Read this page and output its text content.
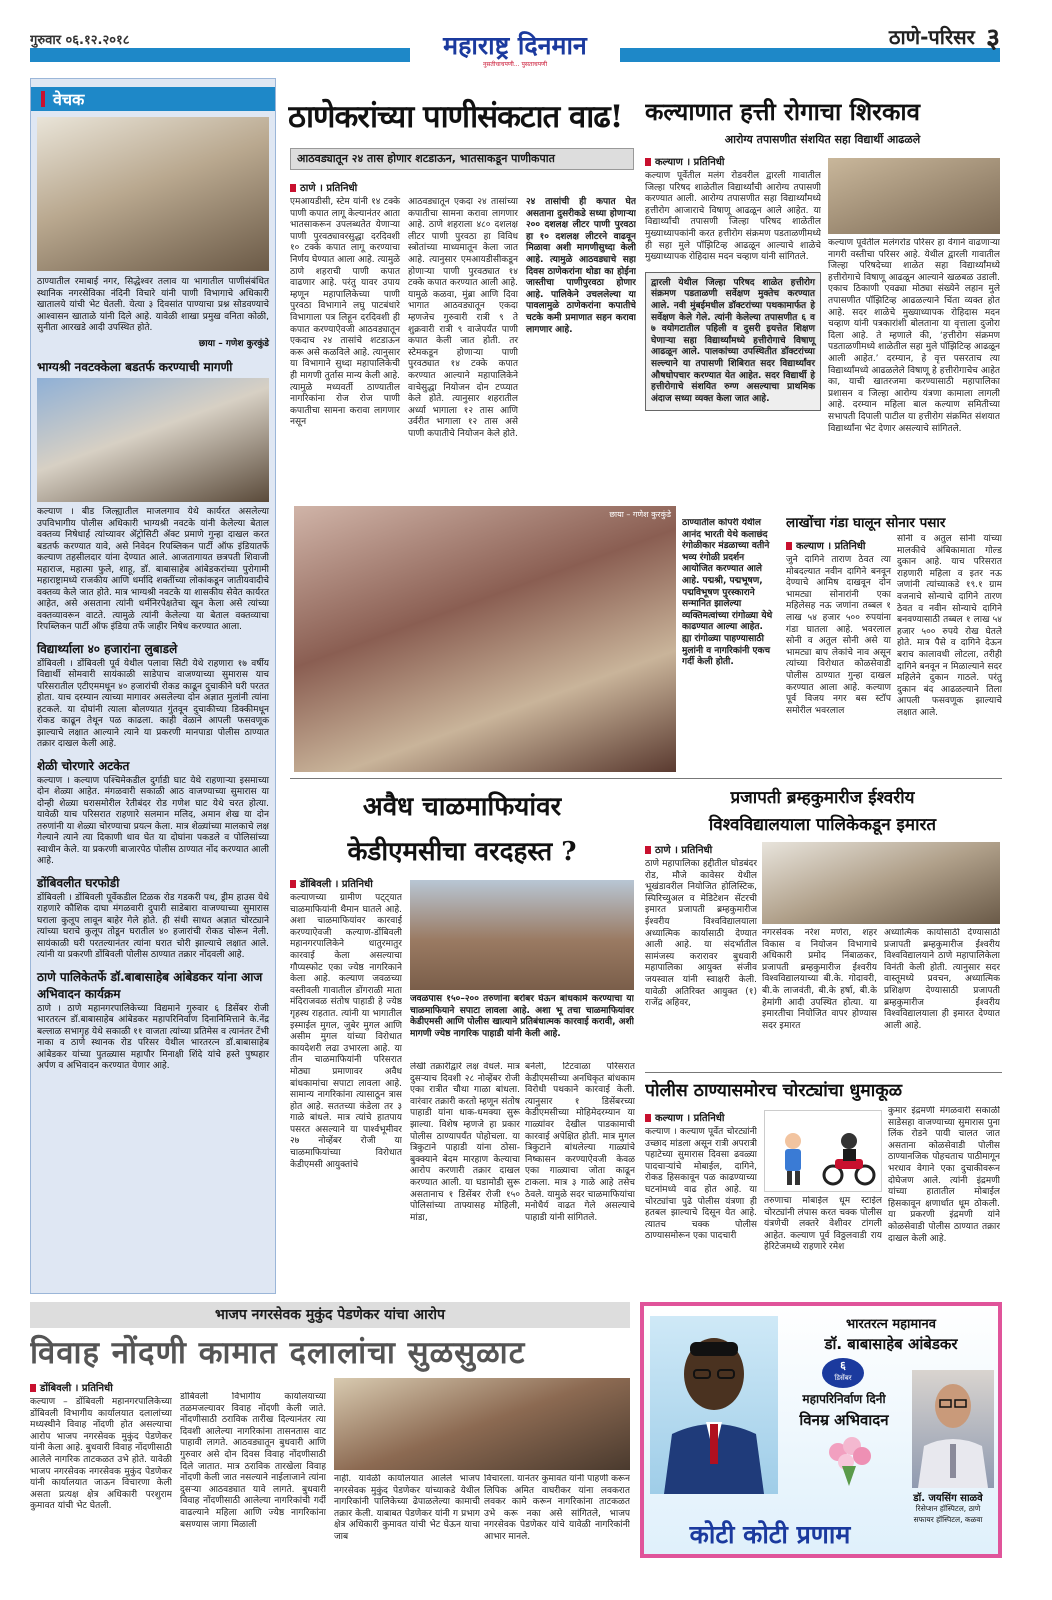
गुरुवार ०६.१२.२०१८	महाराष्ट्र दिनमान
नुसतीचाचपणी... पुसताचपणी
ठाणे-परिसर ३
वेचक
ठाण्यातील रमाबाई नगर, सिद्धेश्वर तलाव या भागातील पाणीसंबंधित स्थानिक नगरसेविका नंदिनी विचारे यांनी पाणी विभागाचे अधिकारी खातालये यांची भेट घेतली. येत्या ३ दिवसांत पाण्याचा प्रश्न सोडवण्याचे आश्वासन खाताळे यांनी दिले आहे. यावेळी शाखा प्रमुख वनिता कोळी, सुनीता आरखडे आदी उपस्थित होते.
छाया – गणेश कुरकुंडे
भाग्यश्री नवटक्केला बडतर्फ करण्याची मागणी
कल्याण । बीड जिल्ह्यातील माजलगाव येथे कार्यरत असलेल्या उपविभागीय पोलीस अधिकारी भाग्यश्री नवटके यांनी केलेल्या बेताल वक्तव्य निषेधार्ह त्यांच्यावर ॲट्रोसिटी ॲक्ट प्रमाणे गुन्हा दाखल करत बडतर्फ करण्यात यावे, असे निवेदन रिपब्लिकन पार्टी ऑफ इंडियातर्फे कल्याण तहसीलदार यांना देण्यात आले. आजतागायत छत्रपती शिवाजी महाराज, महात्मा फुले, शाहू, डॉ. बाबासाहेब आंबेडकरांच्या पुरोगामी महाराष्ट्रामध्ये राजकीय आणि धर्मादि शक्तींच्या लोकांकडून जातीयवादीचे वक्तव्य केले जात होते. मात्र भाग्यश्री नवटके या शासकीय सेवेत कार्यरत आहेत, असे असताना त्यांनी धर्मनिरपेक्षतेचा खून केला असे त्यांच्या वक्तव्यावरून वाटते. त्यामुळे त्यांनी केलेल्या या बेताल वक्तव्याचा रिपब्लिकन पार्टी ऑफ इंडिया तर्फे जाहीर निषेध करण्यात आला.
विद्यार्थ्याला ४० हजारांना लुबाडले
डोंबिवली । डोंबिवली पूर्व येथील पलावा सिटी येथे राहणारा १७ वर्षीय विद्यार्थी सोमवारी सायंकाळी साडेपाच वाजण्याच्या सुमारास याच परिसरातील एटीएममधून ४० हजारांची रोकड काढून दुचाकीने घरी परतत होता. याच दरम्यान त्याच्या मागावर असलेल्या दोन अज्ञात मुलांनी त्यांना हटकले. या दोघांनी त्याला बोलण्यात गुंतवून दुचाकीच्या डिक्कीमधून रोकड काढून तेथून पळ काढला. काही वेळाने आपली फसवणूक झाल्याचे लक्षात आल्याने त्याने या प्रकरणी मानपाडा पोलीस ठाण्यात तक्रार दाखल केली आहे.
शेळी चोरणारे अटकेत
कल्याण । कल्याण पश्चिमेकडील दुर्गाडी घाट येथे राहणाऱ्या इसमाच्या दोन शेळ्या आहेत. मंगळवारी सकाळी आठ वाजण्याच्या सुमारास या दोन्ही शेळ्या घरासमोरील रेतीबंदर रोड गणेश घाट येथे चरत होत्या. यावेळी याच परिसरात राहणारे सलमान मलिद, अमान शेख या दोन तरुणांनी या शेळ्या चोरण्याचा प्रयत्न केला. मात्र शेळ्यांच्या मालकाचे लक्ष गेल्याने त्याने त्या दिकाणी धाव घेत या दोघांना पकडले व पोलिसांच्या स्वाधीन केले. या प्रकरणी बाजारपेठ पोलीस ठाण्यात नोंद करण्यात आली आहे.
डोंबिवलीत घरफोडी
डोंबिवली । डोंबिवली पूर्वेकडील टिळक रोड गडकरी पथ, ड्रीम हाउस येथे राहणारे कौशिक दाघा मंगळवारी दुपारी साडेबारा वाजण्याच्या सुमारास घराला कुलूप लावून बाहेर गेले होते. ही संधी साधत अज्ञात चोरट्याने त्यांच्या घराचे कुलूप तोडून घरातील ४० हजारांची रोकड चोरून नेली. सायंकाळी घरी परतल्यानंतर त्यांना घरात चोरी झाल्याचे लक्षात आले. त्यांनी या प्रकरणी डोंबिवली पोलीस ठाण्यात तक्रार नोंदवली आहे.
ठाणे पालिकेतर्फे डॉ.बाबासाहेब आंबेडकर यांना आज अभिवादन कार्यक्रम
ठाणे । ठाणे महानगरपालिकेच्या विद्यमाने गुरुवार ६ डिसेंबर रोजी भारतरत्न डॉ.बाबासाहेब आंबेडकर महापरिनिर्वाण दिनानिमित्ताने के.नेंद्र बल्लाळ सभागृह येथे सकाळी ११ वाजता त्यांच्या प्रतिमेस व त्यानंतर टेंभी नाका व ठाणे स्थानक रोड परिसर येथील भारतरत्न डॉ.बाबासाहेब आंबेडकर यांच्या पुतळ्यास महापौर मिनाक्षी शिंदे यांचे हस्ते पुष्पहार अर्पण व अभिवादन करण्यात येणार आहे.
ठाणेकरांच्या पाणीसंकटात वाढ!
आठवड्यातून २४ तास होणार शटडाऊन, भातसाकडून पाणीकपात
ठाणे । प्रतिनिधी
एमआयडीसी, स्टेम यांनी १४ टक्के पाणी कपात लागू केल्यानंतर आता भातसाकरून उपलब्धतेत येणाऱ्या पाणी पुरवठ्यावरसुद्धा दरदिवशी १० टक्के कपात लागू करण्याचा निर्णय घेण्यात आला आहे. त्यामुळे ठाणे शहराची पाणी कपात वाढणार आहे. परंतु यावर उपाय म्हणून महापालिकेच्या पाणी पुरवठा विभागाने लघु पाटबंधारे विभागाला पत्र लिहून दरदिवशी ही कपात करण्याऐवजी आठवड्यातून एकदाच २४ तासांचे शटडाऊन करू असे कळविले आहे. त्यानुसार या विभागाने सुध्दा महापालिकेची ही मागणी तुर्तास मान्य केली आहे. त्यामुळे मध्यवर्ती ठाण्यातील नागरिकांना रोज रोज पाणी कपातीचा सामना करावा लागणार नसून
आठवड्यातून एकदा २४ तासांच्या कपातीचा सामना करावा लागणार आहे. ठाणे शहराला ४८० दशलक्ष लीटर पाणी पुरवठा हा विविध स्त्रोतांच्या माध्यमातून केला जात आहे. त्यानुसार एमआयडीसीकडून होणाऱ्या पाणी पुरवठ्यात १४ टक्के कपात करण्यात आली आहे. यामुळे कळवा, मुंब्रा आणि दिवा भागात आठवड्यातून एकदा म्हणजेच गुरुवारी रात्री ९ ते शुक्रवारी रात्री ९ वाजेपर्यंत पाणी कपात केली जात होती. तर स्टेमकडून होणाऱ्या पाणी पुरवठ्यात १४ टक्के कपात करण्यात आल्याने महापालिकेने वाचेसुद्धा नियोजन दोन टप्प्यात केले होते. त्यानुसार शहरातील अर्ध्या भागाला १२ तास आणि उर्वरीत भागाला १२ तास असे पाणी कपातीचे नियोजन केले होते.
२४ तासांची ही कपात घेत असताना दुसरीकडे सध्या होणाऱ्या २०० दशलक्ष लीटर पाणी पुरवठा हा १० दशलक्ष लीटरने वाढवून मिळावा अशी मागणीसुध्दा केली आहे. त्यामुळे आठवड्याचे सहा दिवस ठाणेकरांना थोडा का होईना जास्तीचा पाणीपुरवठा होणार आहे. पालिकेने उचललेल्या या पावलामुळे ठाणेकरांना कपातीचे चटके कमी प्रमाणात सहन करावा लागणार आहे.
कल्याणात हत्ती रोगाचा शिरकाव
आरोग्य तपासणीत संशयित सहा विद्यार्थी आढळले
कल्याण । प्रतिनिधी
कल्याण पूर्वेतील मलंग रोडवरील द्वारली गावातील जिल्हा परिषद शाळेतील विद्यार्थ्यांची आरोग्य तपासणी करण्यात आली. आरोग्य तपासणीत सहा विद्यार्थ्यांमध्ये हत्तीरोग आजाराचे विषाणू आढळून आले आहेत. या विद्यार्थ्यांची तपासणी जिल्हा परिषद शाळेतील मुख्याध्यापकांनी करत हत्तीरोग संक्रमण पडताळणीमध्ये ही सहा मुले पॉझिटिव्ह आढळून आल्याचे शाळेचे मुख्याध्यापक रोहिदास मदन चव्हाण यांनी सांगितले.
द्वारली येथील जिल्हा परिषद शाळेत हत्तीरोग संक्रमण पडताळणी सर्वेक्षण मुक्तेच करण्यात आले. नवी मुंबईमधील डॉक्टरांच्या पथकामार्फत हे सर्वेक्षण केले गेले. त्यांनी केलेल्या तपासणीत ६ व ७ वयोगटातील पहिली व दुसरी इयत्तेत शिक्षण घेणाऱ्या सहा विद्यार्थ्यांमध्ये हत्तीरोगाचे विषाणू आढळून आले. पालकांच्या उपस्थितीत डॉक्टरांच्या सल्ल्याने या तपासणी शिबिरात सदर विद्यार्थ्यांवर औषधोपचार करण्यात येत आहेत. सदर विद्यार्थी हे हत्तीरोगाचे संशयित रुग्ण असल्याचा प्राथमिक अंदाज सध्या व्यक्त केला जात आहे.
कल्याण पूर्वेतील मलंगरोड परिसर हा वेगाने वाढणाऱ्या नागरी वस्तीचा परिसर आहे. येथील द्वारली गावातील जिल्हा परिषदेच्या शाळेत सहा विद्यार्थ्यांमध्ये हत्तीरोगाचे विषाणू आढळून आल्याने खळबळ उडाली. एकाच ठिकाणी एवढ्या मोठ्या संख्येने लहान मुले तपासणीत पॉझिटिव्ह आढळल्याने चिंता व्यक्त होत आहे. सदर शाळेचे मुख्याध्यापक रोहिदास मदन चव्हाण यांनी पत्रकारांशी बोलताना या वृत्ताला दुजोरा दिला आहे. ते म्हणाले की, ‘हत्तीरोग संक्रमण पडताळणीमध्ये शाळेतील सहा मुले पॉझिटिव्ह आढळून आली आहेत.’ दरम्यान, हे वृत्त पसरताच त्या विद्यार्थ्यांमध्ये आढळलेले विषाणू हे हत्तीरोगाचेच आहेत का, याची खातरजमा करण्यासाठी महापालिका प्रशासन व जिल्हा आरोग्य यंत्रणा कामाला लागली आहे. दरम्यान महिला बाल कल्याण समितीच्या सभापती दिपाली पाटील या हत्तीरोग संक्रमित संशयात विद्यार्थ्यांना भेट देणार असल्याचे सांगितले.
छाया – गणेश कुरकुंडे
ठाण्यातील कोपरी येथील आनंद भारती येथे कलाछंद रंगोळीकार मंडळाच्या वतीने भव्य रंगोळी प्रदर्शन आयोजित करण्यात आले आहे. पद्मश्री, पद्मभूषण, पद्मविभूषण पुरस्काराने सन्मानित झालेल्या व्यक्तिमत्वांच्या रांगोळ्या येथे काढण्यात आल्या आहेत. ह्या रांगोळ्या पाहण्यासाठी मुलांनी व नागरिकांनी एकच गर्दी केली होती.
लाखोंचा गंडा घालून सोनार पसार
कल्याण । प्रतिनिधी
जुने दागिने ताराण ठेवत त्या मोबदल्यात नवीन दागिने बनवून देण्याचे आमिष दाखवून दोन भामट्या सोनारांनी एका महिलेसह नऊ जणांना तब्बल १ लाख ५४ हजार ५०० रुपयांना गंडा घातला आहे. भवरलाल सोनी व अतुल सोनी असे या भामट्या बाप लेकांचे नाव असून त्यांच्या विरोधात कोळसेवाडी पोलीस ठाण्यात गुन्हा दाखल करण्यात आला आहे. कल्याण पूर्व विजय नगर बस स्टॉप समोरील भवरलाल
सोनी व अतुल सोनी यांच्या मालकीचे अंबिकामाता गोल्ड दुकान आहे. याच परिसरात राहणारी महिला व इतर नऊ जणांनी त्यांच्याकडे १९.१ ग्राम वजनाचे सोन्याचे दागिने तारण ठेवत व नवीन सोन्याचे दागिने बनवण्यासाठी तब्बल १ लाख ५४ हजार ५०० रुपये रोख घेतले होते. मात्र पैसे व दागिने देऊन बराच कालावधी लोटला, तरीही दागिने बनवून न मिळाल्याने सदर महिलेने दुकान गाठले. परंतु दुकान बंद आढळल्याने तिला आपली फसवणूक झाल्याचे लक्षात आले.
अवैध चाळमाफियांवर
केडीएमसीचा वरदहस्त ?
डोंबिवली । प्रतिनिधी
कल्याणच्या ग्रामीण पट्ट्यात चाळमाफियांनी थैमान घातले आहे. अशा चाळमाफियांवर कारवाई करण्याऐवजी कल्याण-डोंबिवली महानगरपालिकेने धातुरमातुर कारवाई केला असल्याचा गौप्यस्फोट एका ज्येष्ठ नागरिकाने केला आहे. कल्याण जवळच्या वस्तीवली गावातील डोंगराळी माता मंदिराजवळ संतोष पाहाडी हे ज्येष्ठ गृहस्थ राहतात. त्यांनी या भागातील इस्माईल मुगल, जुबेर मुगल आणि असीम मुगल यांच्या विरोधात कायदेशरी लढा उभारला आहे. या तीन चाळमाफियांनी परिसरात मोठ्या प्रमाणावर अवैध बांधकामांचा सपाटा लावला आहे. सामान्य नागरिकांना त्यासाठून त्रास होत आहे. सततच्या कंडेला तर ३ गाळे बांधले. मात्र त्यांचे हातपाय पसरत असल्याने या पार्श्वभूमीवर २७ नोव्हेंबर रोजी या चाळमाफियांच्या विरोधात केडीएमसी आयुक्तांचे
जवळपास १५०–२०० तरुणांना बरोबर घेऊन बांधकामे करण्याचा या चाळमाफियाने सपाटा लावला आहे. अशा भू तचा चाळमाफियांवर केडीएमसी आणि पोलीस खात्याने प्रतिबंधात्मक कारवाई करावी, अशी मागणी ज्येष्ठ नागरिक पाहाडी यांनी केली आहे.
लेखी तक्रारीद्वारे लक्ष वेधले. मात्र दुसऱ्याच दिवशी २८ नोव्हेंबर रोजी एका रात्रीत चौथा गाळा बांधला. वारंवार तक्रारी करतो म्हणून संतोष पाहाडी यांना धाक-धमक्या सुरू झाल्या. विशेष म्हणजे हा प्रकार पोलीस ठाण्यापर्यंत पोहोचला. या त्रिकुटाने पाहाडी यांना ठोसा-बुक्क्याने बेदम मारहाण केल्याचा आरोप करणारी तक्रार दाखल करण्यात आली. या घडामोडी सुरू असतानाच १ डिसेंबर रोजी १५० पोलिसांच्या ताफ्यासह मोहिली, मांडा,
बनेली, टिटवाळा परिसरात केडीएमसीच्या अनधिकृत बांधकाम विरोधी पथकाने कारवाई केली. त्यानुसार १ डिसेंबरच्या केडीएमसीच्या मोहिमेदरम्यान या गाळ्यांवर देखील पाडकामाची कारवाई अपेक्षित होती. मात्र मुगल त्रिकुटाने बांधलेल्या गाळ्यांचे निष्कासन करण्याऐवजी केवळ एका गाळ्याचा जोता काढून टाकला. मात्र ३ गाळे आहे तसेच ठेवले. यामुळे सदर चाळमाफियांचा मनोधैर्य वाढत गेले असल्याचे पाहाडी यांनी सांगितले.
प्रजापती ब्रम्हकुमारीज ईश्वरीय
विश्वविद्यालयाला पालिकेकडून इमारत
ठाणे । प्रतिनिधी
ठाणे महापालिका हद्दीतील घोडबंदर रोड, मौजे कावेसर येथील भूखंडावरील नियोजित होलिस्टिक, स्पिरिच्युअल व मेडिटेशन सेंटरची इमारत प्रजापती ब्रम्हकुमारीज ईश्वरीय विश्वविद्यालयाला अध्यात्मिक कार्यासाठी देण्यात आली आहे. या संदर्भातील सामंजस्य करारावर बुधवारी महापालिका आयुक्त संजीव जयस्वाल यांनी स्वाक्षरी केली. यावेळी अतिरिक्त आयुक्त (१) राजेंद्र अहिवर,
नगरसेवक नरेश मणेरा, शहर विकास व नियोजन विभागाचे अधिकारी प्रमोद निंबाळकर, प्रजापती ब्रम्हकुमारीज ईश्वरीय विश्वविद्यालयाच्या बी.के. गोदावरी, बी.के लाजवंती, बी.के हर्षा, बी.के हेमांगी आदी उपस्थित होत्या. या इमारतीचा नियोजित वापर होण्यास सदर इमारत
अध्यात्मिक कार्यासाठी देण्यासाठी प्रजापती ब्रम्हकुमारीज ईश्वरीय विश्वविद्यालयाने ठाणे महापालिकेला विनंती केली होती. त्यानुसार सदर वास्तूमध्ये प्रवचन, अध्यात्मिक प्रशिक्षण देण्यासाठी प्रजापती ब्रम्हकुमारीज ईश्वरीय विश्वविद्यालयाला ही इमारत देण्यात आली आहे.
पोलीस ठाण्यासमोरच चोरट्यांचा धुमाकूळ
कल्याण । प्रतिनिधी
कल्याण । कल्याण पूर्वेत चोरट्यांनी उच्छाद मांडला असून रात्री अपरात्री पहाटेच्या सुमारास दिवसा ढवळ्या पादचाऱ्यांचे मोबाईल, दागिने, रोकड हिसकावून पळ काढण्याच्या घटनांमध्ये वाढ होत आहे. या चोरट्यांचा पुढे पोलीस यंत्रणा ही हतबल झाल्याचे दिसून येत आहे. त्यातच चक्क पोलीस ठाण्यासमोरून एका पादचारी
तरुणाचा मोबाईल धूम स्टाईल चोरट्यांनी लंपास करत चक्क पोलीस यंत्रणेची लक्तरे वेशीवर टांगली आहेत. कल्याण पूर्व विठ्ठलवाडी राय हेरिटेजमध्ये राहणारे रमेश
कुमार इंद्रमणी मंगळवारी सकाळी साडेसहा वाजण्याच्या सुमारास पुना लिंक रोडने पायी चालत जात असताना कोळसेवाडी पोलीस ठाण्यानजिक पोहचताच पाठीमागून भरधाव वेगाने एका दुचाकीवरून दोघेजण आले. त्यांनी इंद्रमणी यांच्या हातातील मोबाईल हिसकावून क्षणार्धात धूम ठोकली. या प्रकरणी इंद्रमणी यांने कोळसेवाडी पोलीस ठाण्यात तक्रार दाखल केली आहे.
भाजप नगरसेवक मुकुंद पेडणेकर यांचा आरोप
विवाह नोंदणी कामात दलालांचा सुळसुळाट
डोंबिवली । प्रतिनिधी
कल्याण – डोंबिवली महानगरपालिकेच्या डोंबिवली विभागीय कार्यालयात दलालांच्या मध्यस्थीने विवाह नोंदणी होत असल्याचा आरोप भाजप नगरसेवक मुकुंद पेडणेकर यांनी केला आहे. बुधवारी विवाह नोंदणीसाठी आलेले नागरिक ताटकळत उभे होते. यावेळी भाजप नगरसेवक नगरसेवक मुकुंद पेडणेकर यांनी कार्यालयात जाऊन विचारणा केली असता प्रत्यक्ष क्षेत्र अधिकारी परशुराम कुमावत यांची भेट घेतली.
डोंबिवली विभागीय कार्यालयाच्या तळमजल्यावर विवाह नोंदणी केली जाते. नोंदणीसाठी ठराविक तारीख दिल्यानंतर त्या दिवशी आलेल्या नागरिकांना तासनतास वाट पाहावी लागते. आठवड्यातून बुधवारी आणि गुरुवार असे दोन दिवस विवाह नोंदणीसाठी दिले जातात. मात्र ठराविक तारखेला विवाह नोंदणी केली जात नसल्याने नाईलाजाने त्यांना दुसऱ्या आठवड्यात यावे लागते. बुधवारी विवाह नोंदणीसाठी आलेल्या नागरिकांची गर्दी वाढल्याने महिला आणि ज्येष्ठ नागरिकांना बसण्यास जागा मिळाली
नाही. यावेळी कार्यालयात आलेले भाजप नगरसेवक मुकुंद पेडणेकर यांच्याकडे येथील नागरिकांनी पालिकेच्या ढेपाळलेल्या कामाची तक्रार केली. याबाबत पेडणेकर यांनी ग प्रभाग क्षेत्र अधिकारी कुमावत यांची भेट घेऊन याचा जाब
विचारला. यानंतर कुमावत यांनी पाहणी करून लिपिक अमित वाघरीकर यांना लवकरात लवकर कामे करून नागरिकांना ताटकळत उभे करू नका असे सांगितले, भाजप नगरसेवक पेडणेकर यांचे यावेळी नागरिकांनी आभार मानले.
भारतरत्न महामानव
डॉ. बाबासाहेब आंबेडकर
६
डिसेंबर
महापरिनिर्वाण दिनी
विनम्र अभिवादन
डॉ. जयसिंग साळवे
रिसेप्शन हॉस्पिटल, ठाणे
सफायर हॉस्पिटल, कळवा
कोटी कोटी प्रणाम
